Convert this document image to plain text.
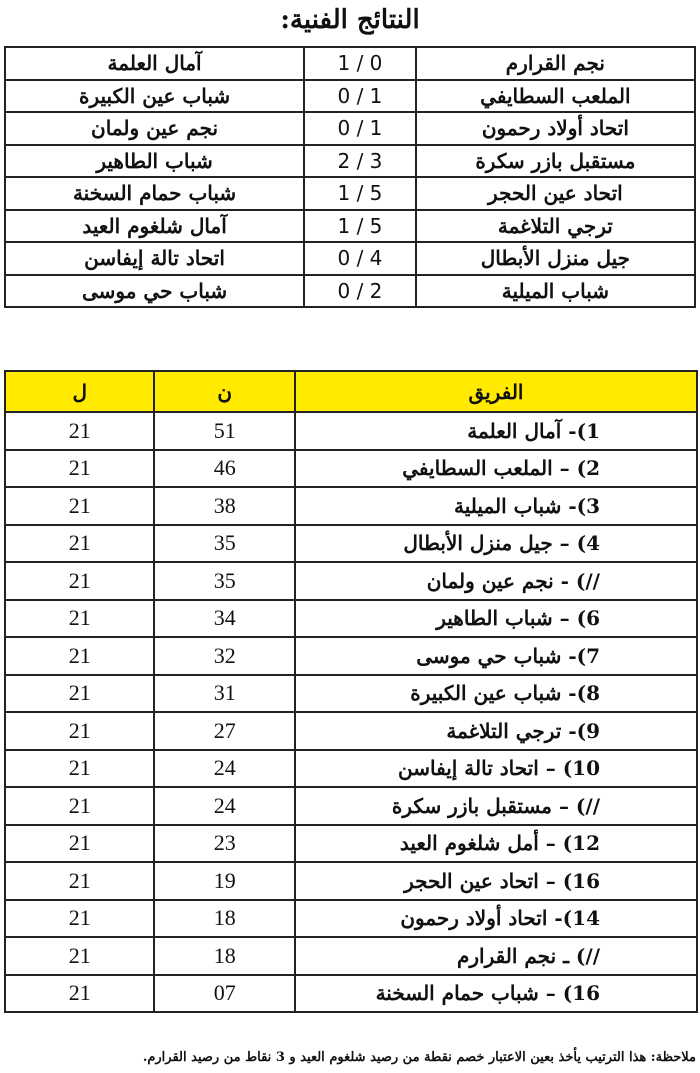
النتائج الفنية:
نجم القرارم	1 / 0	آمال العلمة
الملعب السطايفي	0 / 1	شباب عين الكبيرة
اتحاد أولاد رحمون	0 / 1	نجم عين ولمان
مستقبل بازر سكرة	2 / 3	شباب الطاهير
اتحاد عين الحجر	1 / 5	شباب حمام السخنة
ترجي التلاغمة	1 / 5	آمال شلغوم العيد
جيل منزل الأبطال	0 / 4	اتحاد تالة إيفاسن
شباب الميلية	0 / 2	شباب حي موسى
الفريق	ن	ل
1)- آمال العلمة	51	21
2) – الملعب السطايفي	46	21
3)- شباب الميلية	38	21
4) – جيل منزل الأبطال	35	21
//) - نجم عين ولمان	35	21
6) – شباب الطاهير	34	21
7)- شباب حي موسى	32	21
8)- شباب عين الكبيرة	31	21
9)- ترجي التلاغمة	27	21
10) – اتحاد تالة إيفاسن	24	21
//) – مستقبل بازر سكرة	24	21
12) – أمل شلغوم العيد	23	21
16) – اتحاد عين الحجر	19	21
14)- اتحاد أولاد رحمون	18	21
//) ـ نجم القرارم	18	21
16) – شباب حمام السخنة	07	21
ملاحظة: هذا الترتيب يأخذ بعين الاعتبار خصم نقطة من رصيد شلغوم العيد و 3 نقاط من رصيد القرارم.
